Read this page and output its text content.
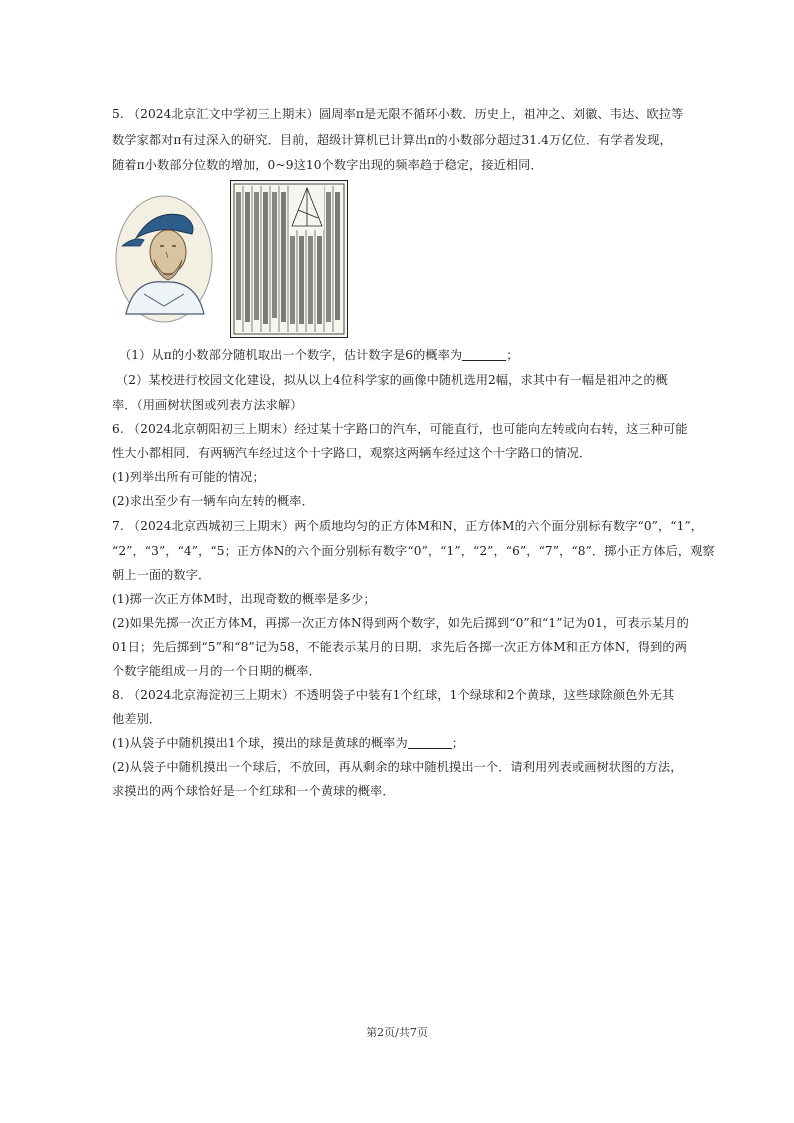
5. （2024北京汇文中学初三上期末）圆周率π是无限不循环小数．历史上，祖冲之、刘徽、韦达、欧拉等
数学家都对π有过深入的研究．目前，超级计算机已计算出π的小数部分超过31.4万亿位．有学者发现，
随着π小数部分位数的增加，0~9这10个数字出现的频率趋于稳定，接近相同．
（1）从π的小数部分随机取出一个数字，估计数字是6的概率为	；
（2）某校进行校园文化建设，拟从以上4位科学家的画像中随机选用2幅，求其中有一幅是祖冲之的概
率．（用画树状图或列表方法求解）
6. （2024北京朝阳初三上期末）经过某十字路口的汽车，可能直行，也可能向左转或向右转，这三种可能
性大小都相同．有两辆汽车经过这个十字路口，观察这两辆车经过这个十字路口的情况．
(1)列举出所有可能的情况；
(2)求出至少有一辆车向左转的概率．
7. （2024北京西城初三上期末）两个质地均匀的正方体M和N，正方体M的六个面分别标有数字“0”，“1”，
“2”，“3”，“4”，“5；正方体N的六个面分别标有数字“0”，“1”，“2”，“6”，“7”，“8”．掷小正方体后，观察
朝上一面的数字．
(1)掷一次正方体M时，出现奇数的概率是多少；
(2)如果先掷一次正方体M，再掷一次正方体N得到两个数字，如先后掷到“0”和“1”记为01，可表示某月的
01日；先后掷到“5”和“8”记为58，不能表示某月的日期．求先后各掷一次正方体M和正方体N，得到的两
个数字能组成一月的一个日期的概率．
8. （2024北京海淀初三上期末）不透明袋子中装有1个红球，1个绿球和2个黄球，这些球除颜色外无其
他差别．
(1)从袋子中随机摸出1个球，摸出的球是黄球的概率为	；
(2)从袋子中随机摸出一个球后，不放回，再从剩余的球中随机摸出一个．请利用列表或画树状图的方法，
求摸出的两个球恰好是一个红球和一个黄球的概率．
第2页/共7页
